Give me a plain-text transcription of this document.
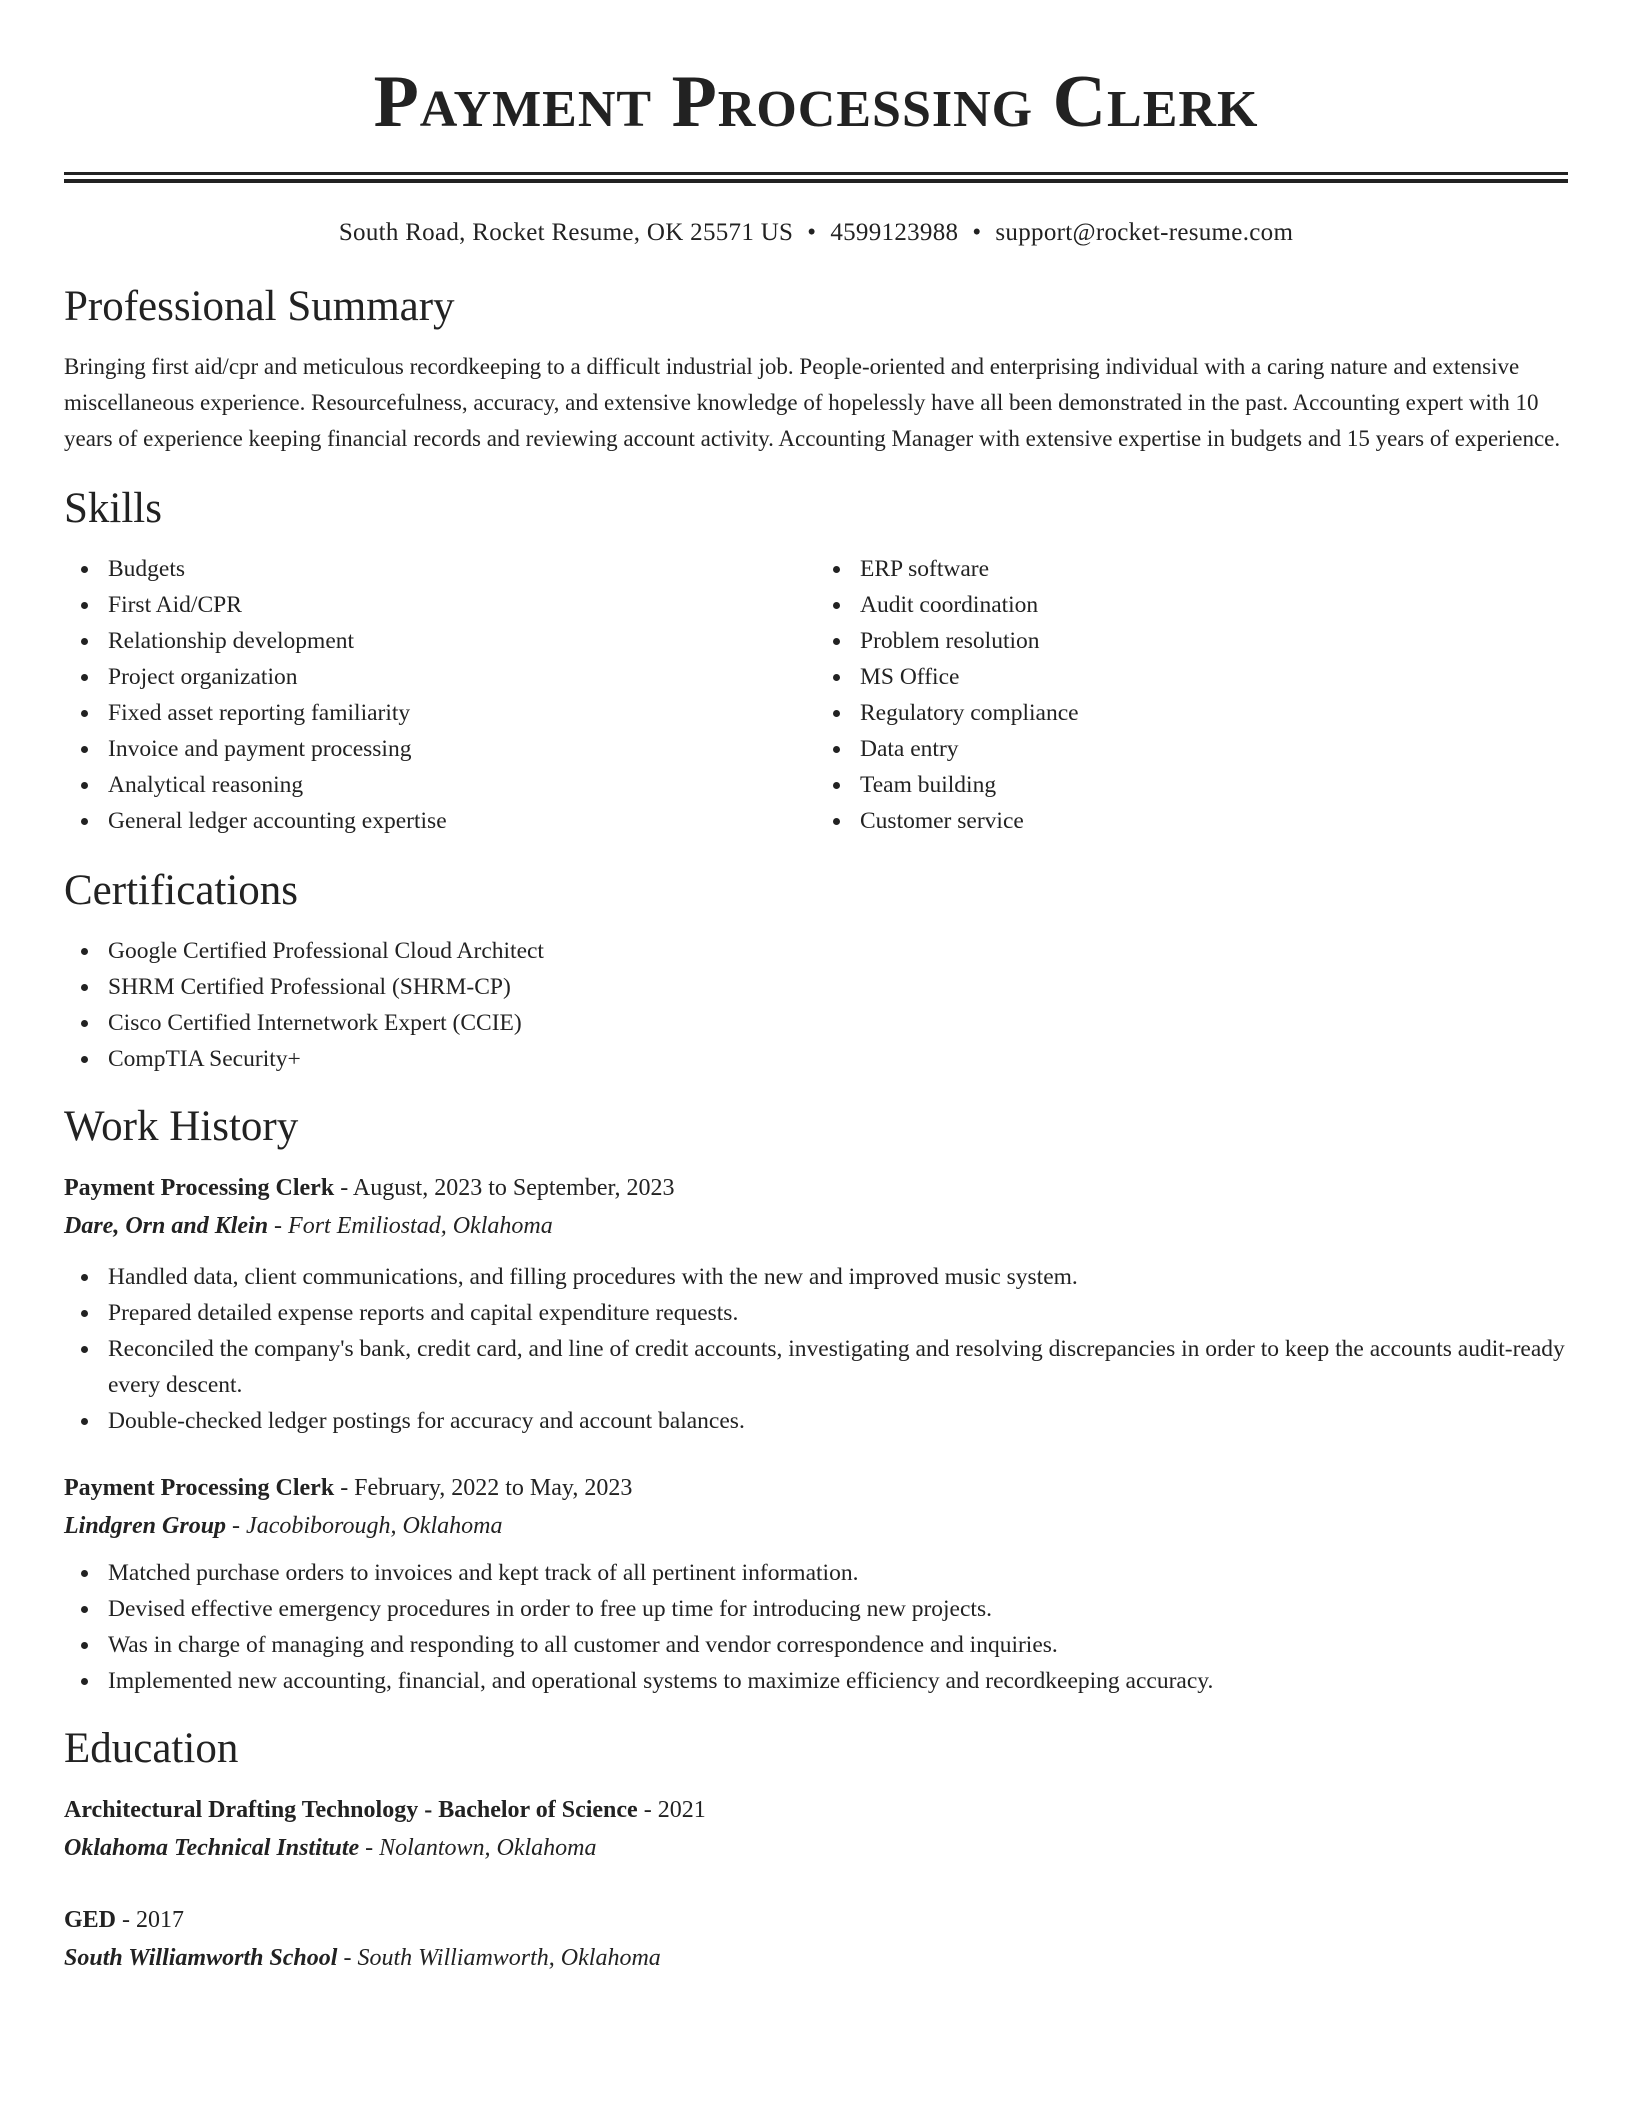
Payment Processing Clerk
South Road, Rocket Resume, OK 25571 US • 4599123988 • support@rocket-resume.com
Professional Summary

Bringing first aid/cpr and meticulous recordkeeping to a difficult industrial job. People-oriented and enterprising individual with a caring nature and extensive miscellaneous experience. Resourcefulness, accuracy, and extensive knowledge of hopelessly have all been demonstrated in the past. Accounting expert with 10 years of experience keeping financial records and reviewing account activity. Accounting Manager with extensive expertise in budgets and 15 years of experience.

Skills
Budgets
First Aid/CPR
Relationship development
Project organization
Fixed asset reporting familiarity
Invoice and payment processing
Analytical reasoning
General ledger accounting expertise
ERP software
Audit coordination
Problem resolution
MS Office
Regulatory compliance
Data entry
Team building
Customer service
Certifications
Google Certified Professional Cloud Architect
SHRM Certified Professional (SHRM-CP)
Cisco Certified Internetwork Expert (CCIE)
CompTIA Security+
Work History
Payment Processing Clerk - August, 2023 to September, 2023
Dare, Orn and Klein - Fort Emiliostad, Oklahoma
Handled data, client communications, and filling procedures with the new and improved music system.
Prepared detailed expense reports and capital expenditure requests.
Reconciled the company's bank, credit card, and line of credit accounts, investigating and resolving discrepancies in order to keep the accounts audit-ready every descent.
Double-checked ledger postings for accuracy and account balances.
Payment Processing Clerk - February, 2022 to May, 2023
Lindgren Group - Jacobiborough, Oklahoma
Matched purchase orders to invoices and kept track of all pertinent information.
Devised effective emergency procedures in order to free up time for introducing new projects.
Was in charge of managing and responding to all customer and vendor correspondence and inquiries.
Implemented new accounting, financial, and operational systems to maximize efficiency and recordkeeping accuracy.
Education
Architectural Drafting Technology - Bachelor of Science - 2021
Oklahoma Technical Institute - Nolantown, Oklahoma
GED - 2017
South Williamworth School - South Williamworth, Oklahoma
